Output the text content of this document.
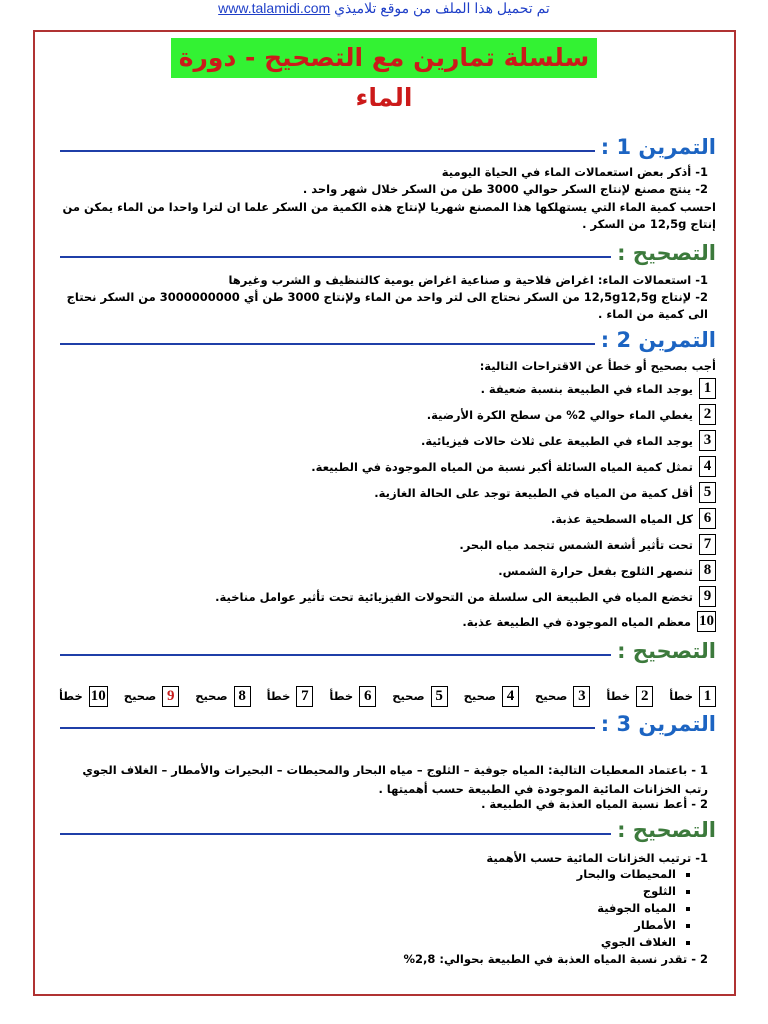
تم تحميل هذا الملف من موقع تلاميذي www.talamidi.com
سلسلة تمارين مع التصحيح - دورة الماء
التمرين 1 :
1- أذكر بعض استعمالات الماء في الحياة اليومية
2- ينتج مصنع لإنتاج السكر حوالي 3000 طن من السكر خلال شهر واحد .
احسب كمية الماء التي يستهلكها هذا المصنع شهريا لإنتاج هذه الكمية من السكر علما ان لترا واحدا من الماء يمكن من إنتاج 12,5g من السكر .
التصحيح :
1- استعمالات الماء: اغراض فلاحية و صناعية اغراض يومية كالتنظيف و الشرب وغيرها
2- لإنتاج 12,5g12,5g من السكر نحتاج الى لتر واحد من الماء ولإنتاج 3000 طن أي 3000000000 من السكر نحتاج الى كمية من الماء .
التمرين 2 :
أجب بصحيح أو خطأ عن الاقتراحات التالية:
1
يوجد الماء في الطبيعة بنسبة ضعيفة .
2
يغطي الماء حوالي 2% من سطح الكرة الأرضية.
3
يوجد الماء في الطبيعة على ثلاث حالات فيزيائية.
4
تمثل كمية المياه السائلة أكبر نسبة من المياه الموجودة في الطبيعة.
5
أقل كمية من المياه في الطبيعة توجد على الحالة الغازية.
6
كل المياه السطحية عذبة.
7
تحت تأثير أشعة الشمس تتجمد مياه البحر.
8
تنصهر الثلوج بفعل حرارة الشمس.
9
تخضع المياه في الطبيعة الى سلسلة من التحولات الفيزيائية تحت تأثير عوامل مناخية.
10
معظم المياه الموجودة في الطبيعة عذبة.
التصحيح :
1
خطأ
2
خطأ
3
صحيح
4
صحيح
5
صحيح
6
خطأ
7
خطأ
8
صحيح
9
صحيح
10
خطأ
التمرين 3 :
1 - باعتماد المعطيات التالية: المياه جوفية – الثلوج – مياه البحار والمحيطات – البحيرات والأمطار – الغلاف الجوي
رتب الخزانات المائية الموجودة في الطبيعة حسب أهميتها .
2 - أعط نسبة المياه العذبة في الطبيعة .
التصحيح :
1- ترتيب الخزانات المائية حسب الأهمية
المحيطات والبحار
الثلوج
المياه الجوفية
الأمطار
الغلاف الجوي
2 - تقدر نسبة المياه العذبة في الطبيعة بحوالي: 2,8%
